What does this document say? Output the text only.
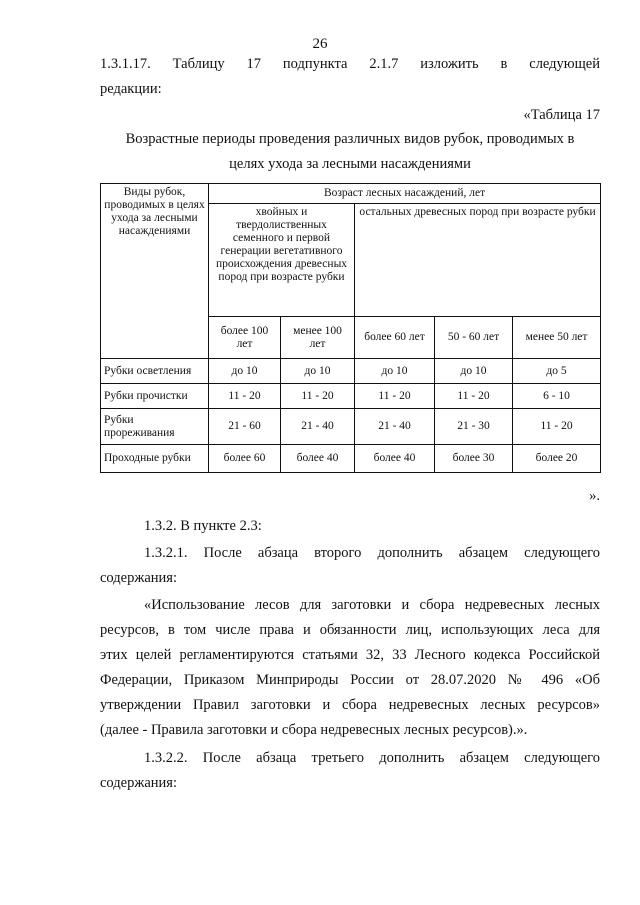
26
1.3.1.17. Таблицу 17 подпункта 2.1.7 изложить в следующей
редакции:
«Таблица 17
Возрастные периоды проведения различных видов рубок, проводимых в
целях ухода за лесными насаждениями
Виды рубок, проводимых в целях ухода за лесными насаждениями	Возраст лесных насаждений, лет				
	хвойных и твердолиственных семенного и первой генерации вегетативного происхождения древесных пород при возрасте рубки		остальных древесных пород при возрасте рубки		
	более 100 лет	менее 100 лет	более 60 лет	50 - 60 лет	менее 50 лет
Рубки осветления	до 10	до 10	до 10	до 10	до 5
Рубки прочистки	11 - 20	11 - 20	11 - 20	11 - 20	6 - 10
Рубки прореживания	21 - 60	21 - 40	21 - 40	21 - 30	11 - 20
Проходные рубки	более 60	более 40	более 40	более 30	более 20
».
1.3.2. В пункте 2.3:
1.3.2.1. После абзаца второго дополнить абзацем следующего
содержания:
«Использование лесов для заготовки и сбора недревесных лесных
ресурсов, в том числе права и обязанности лиц, использующих леса для
этих целей регламентируются статьями 32, 33 Лесного кодекса Российской
Федерации, Приказом Минприроды России от 28.07.2020 № 496 «Об
утверждении Правил заготовки и сбора недревесных лесных ресурсов»
(далее - Правила заготовки и сбора недревесных лесных ресурсов).».
1.3.2.2. После абзаца третьего дополнить абзацем следующего
содержания:
